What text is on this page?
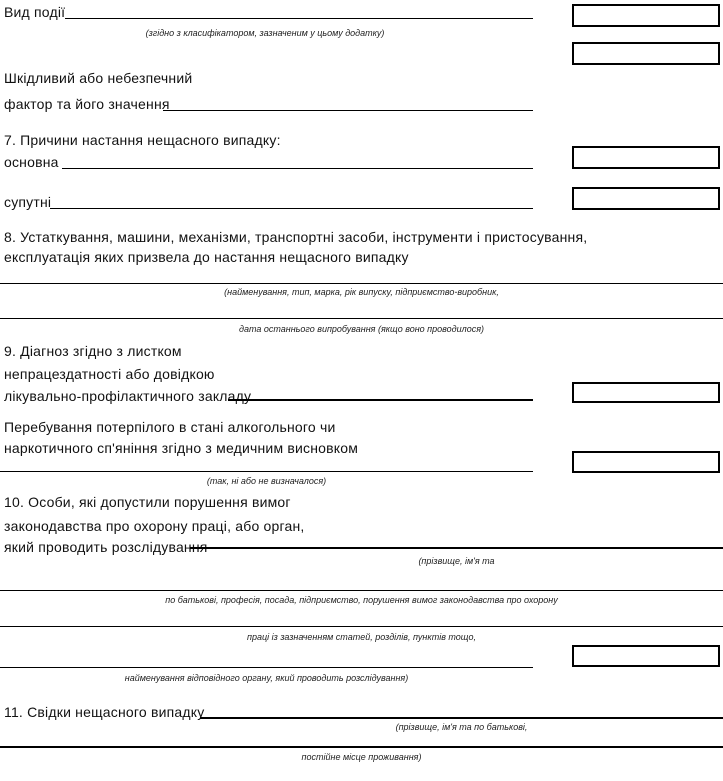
Вид події
(згідно з класифікатором, зазначеним у цьому додатку)
Шкідливий або небезпечний
фактор та його значення
7. Причини настання нещасного випадку:
основна
супутні
8. Устаткування, машини, механізми, транспортні засоби, інструменти і пристосування,
експлуатація яких призвела до настання нещасного випадку
(найменування, тип, марка, рік випуску, підприємство-виробник,
дата останнього випробування (якщо воно проводилося)
9. Діагноз згідно з листком
непрацездатності або довідкою
лікувально-профілактичного закладу
Перебування потерпілого в стані алкогольного чи
наркотичного сп'яніння згідно з медичним висновком
(так, ні або не визначалося)
10. Особи, які допустили порушення вимог
законодавства про охорону праці, або орган,
який проводить розслідування
(прізвище, ім'я та
по батькові, професія, посада, підприємство, порушення вимог законодавства про охорону
праці із зазначенням статей, розділів, пунктів тощо,
найменування відповідного органу, який проводить розслідування)
11. Свідки нещасного випадку
(прізвище, ім'я та по батькові,
постійне місце проживання)
